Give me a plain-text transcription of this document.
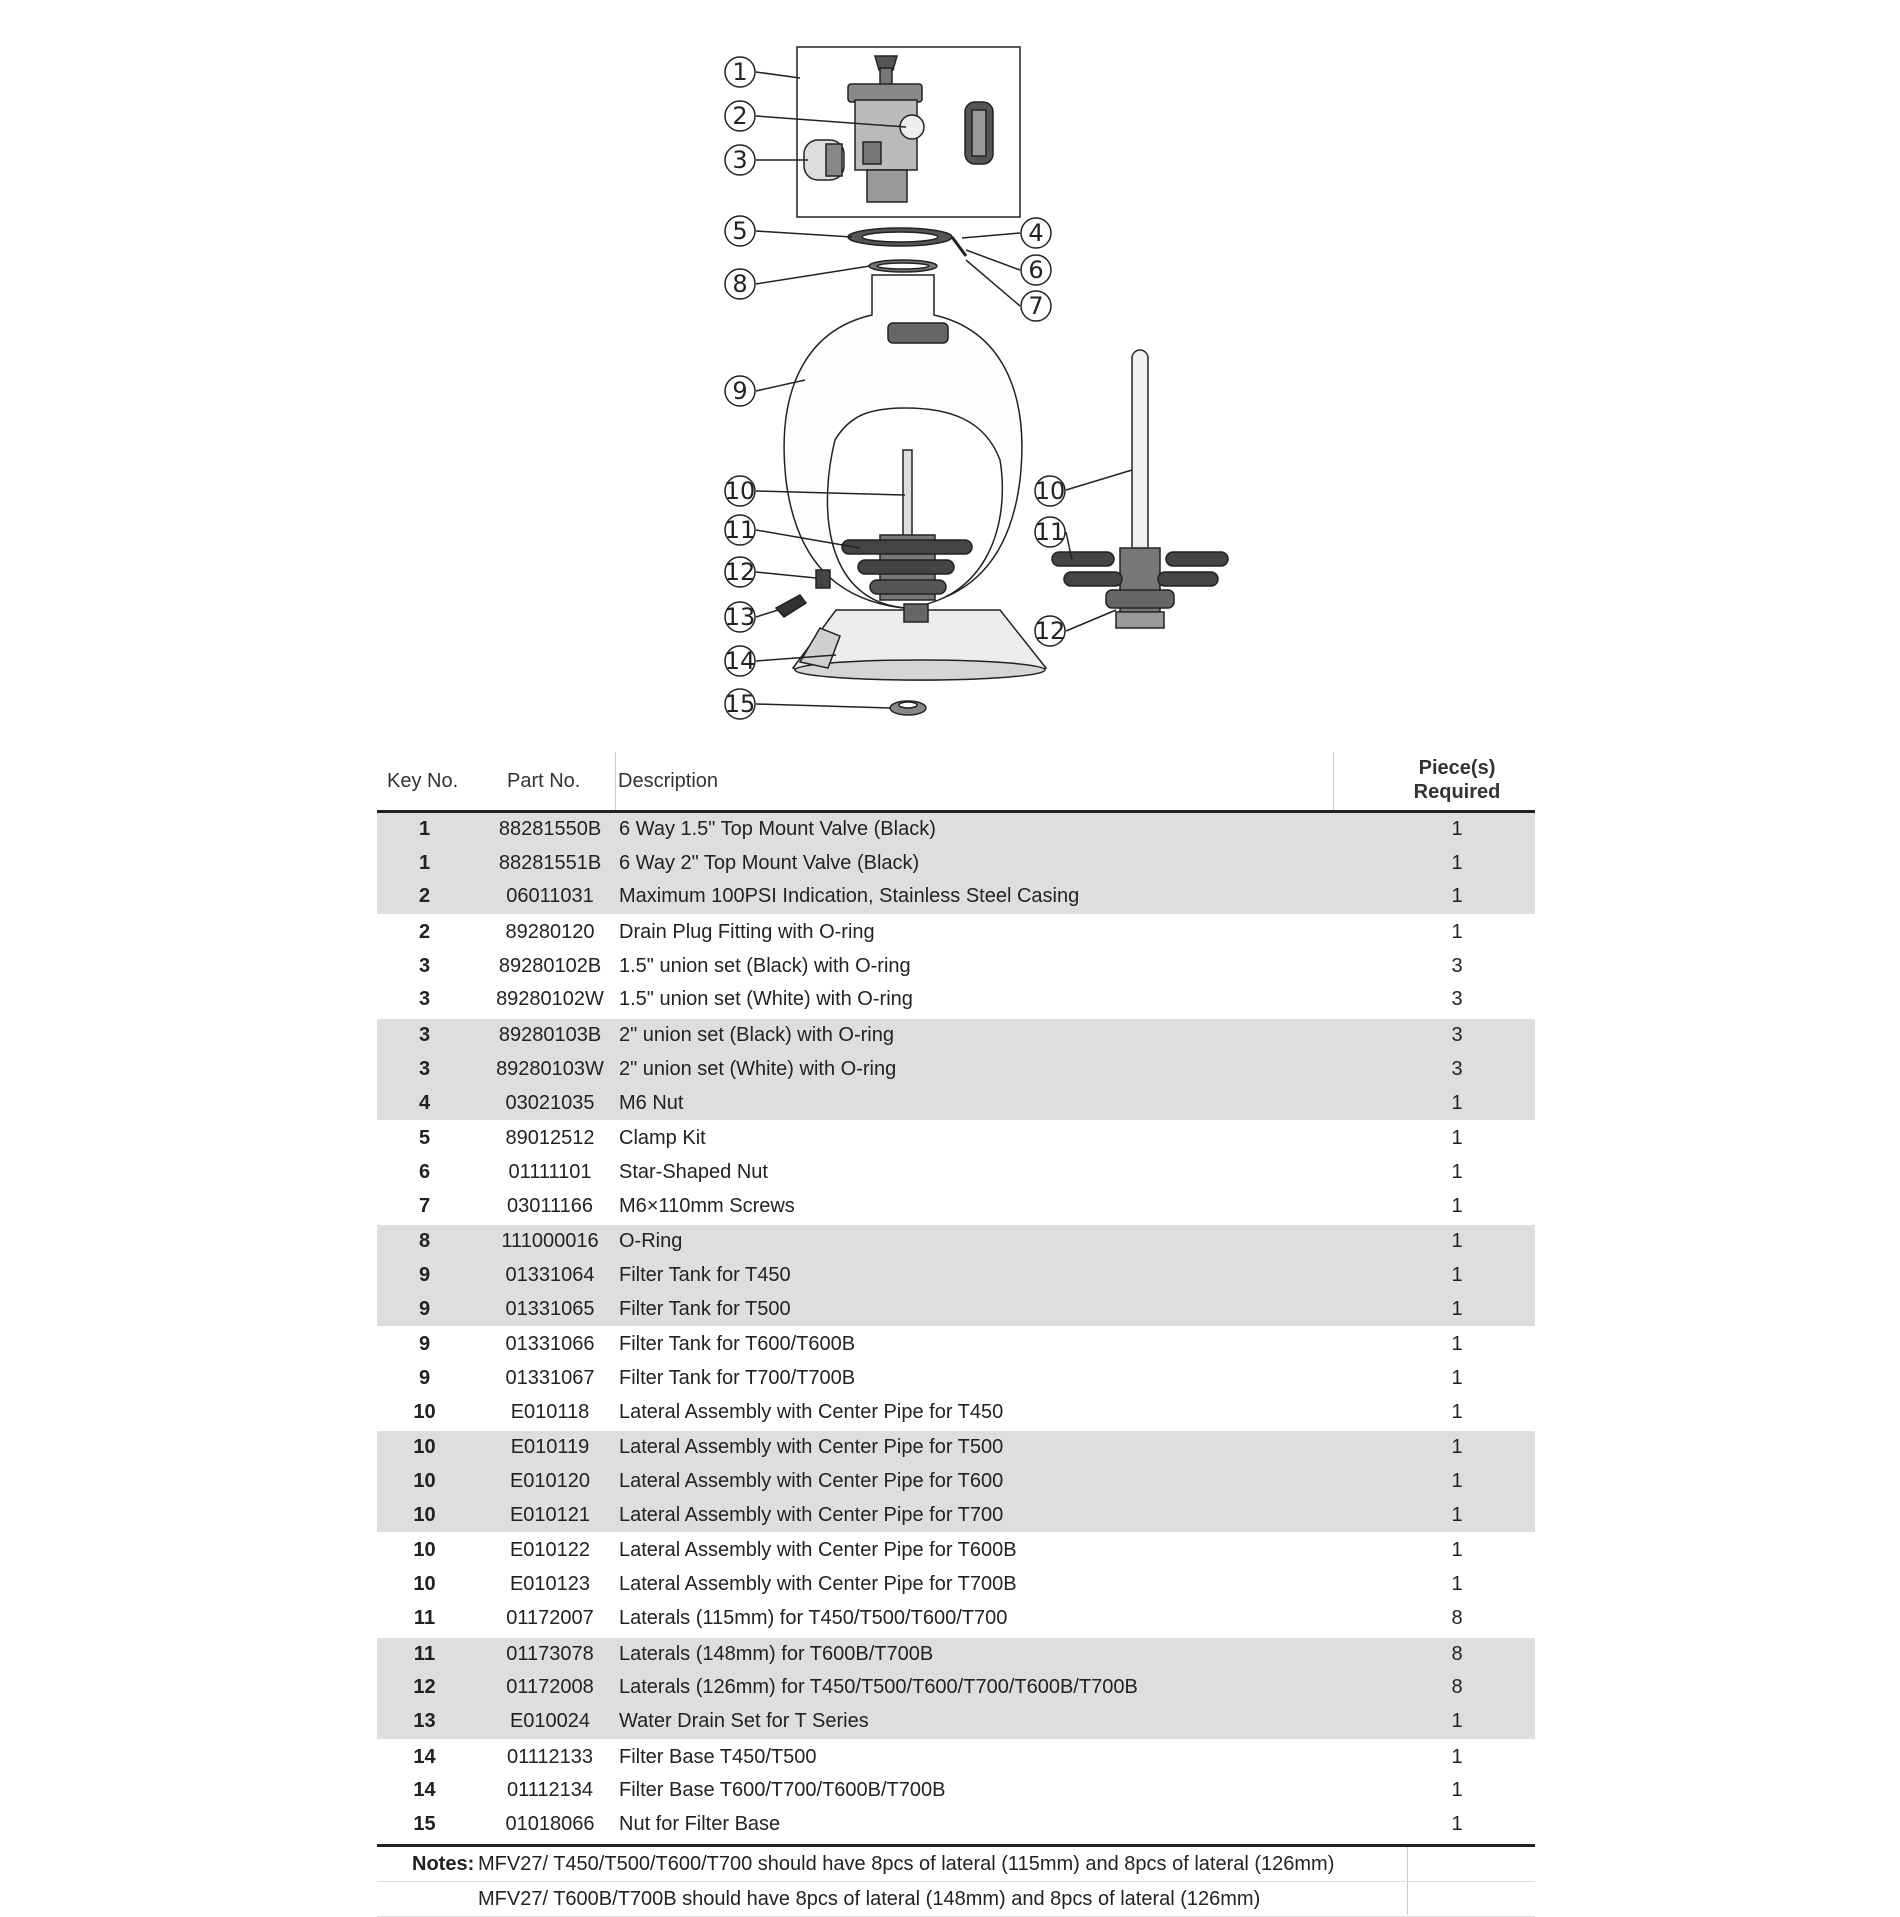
1
2
3
4
5
6
7
8
9
10
11
12
13
14
15
10
11
12
Key No. Part No. Description
Piece(s)
Required
1	88281550B 6 Way 1.5" Top Mount Valve (Black)	1
1	88281551B 6 Way 2" Top Mount Valve (Black)	1
2	06011031	Maximum 100PSI Indication, Stainless Steel Casing	1
2	89280120	Drain Plug Fitting with O-ring	1
3	89280102B 1.5" union set (Black) with O-ring	3
3	89280102W 1.5" union set (White) with O-ring	3
3	89280103B 2" union set (Black) with O-ring	3
3	89280103W 2" union set (White) with O-ring	3
4	03021035	M6 Nut	1
5	89012512	Clamp Kit	1
6	01111101	Star-Shaped Nut	1
7	03011166	M6×110mm Screws	1
8	111000016	O-Ring	1
9	01331064	Filter Tank for T450	1
9	01331065	Filter Tank for T500	1
9	01331066	Filter Tank for T600/T600B	1
9	01331067	Filter Tank for T700/T700B	1
10	E010118	Lateral Assembly with Center Pipe for T450	1
10	E010119	Lateral Assembly with Center Pipe for T500	1
10	E010120	Lateral Assembly with Center Pipe for T600	1
10	E010121	Lateral Assembly with Center Pipe for T700	1
10	E010122	Lateral Assembly with Center Pipe for T600B	1
10	E010123	Lateral Assembly with Center Pipe for T700B	1
11	01172007	Laterals (115mm) for T450/T500/T600/T700	8
11	01173078	Laterals (148mm) for T600B/T700B	8
12	01172008	Laterals (126mm) for T450/T500/T600/T700/T600B/T700B	8
13	E010024	Water Drain Set for T Series	1
14	01112133	Filter Base T450/T500	1
14	01112134	Filter Base T600/T700/T600B/T700B	1
15	01018066	Nut for Filter Base	1
Notes: MFV27/ T450/T500/T600/T700 should have 8pcs of lateral (115mm) and 8pcs of lateral (126mm)
MFV27/ T600B/T700B should have 8pcs of lateral (148mm) and 8pcs of lateral (126mm)
